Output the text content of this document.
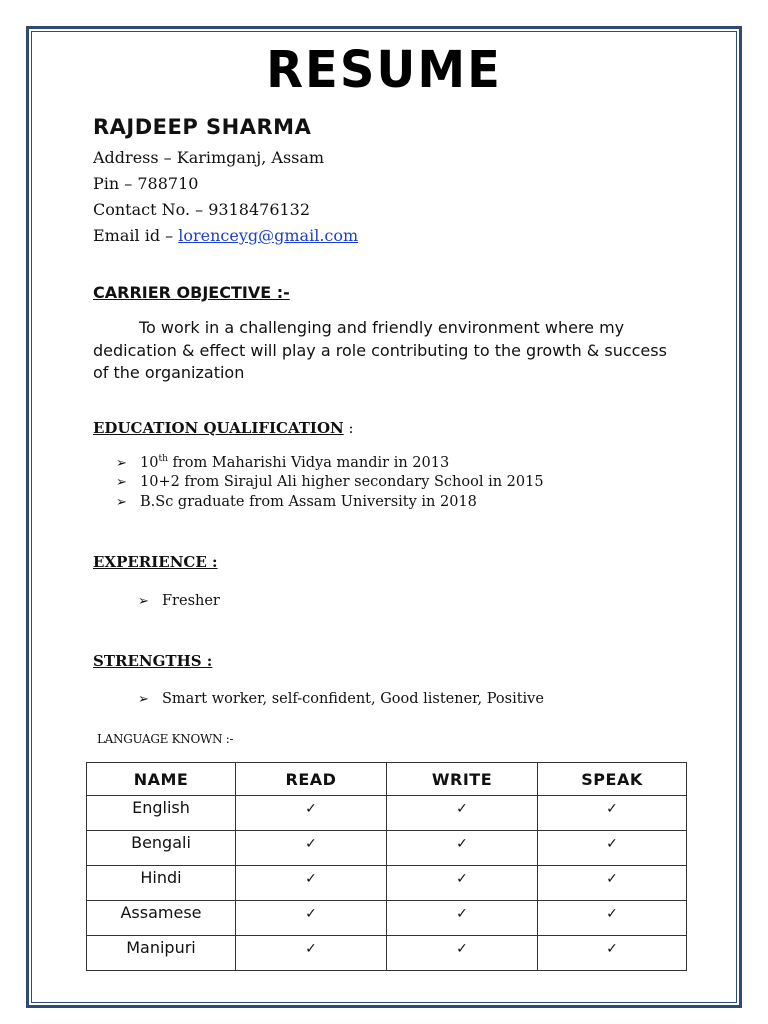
RESUME
RAJDEEP SHARMA
Address – Karimganj, Assam
Pin – 788710
Contact No. – 9318476132
Email id – lorenceyg@gmail.com
CARRIER OBJECTIVE :-
To work in a challenging and friendly environment where my dedication & effect will play a role contributing to the growth & success of the organization
EDUCATION QUALIFICATION :
➢ 10th from Maharishi Vidya mandir in 2013
➢ 10+2 from Sirajul Ali higher secondary School in 2015
➢ B.Sc graduate from Assam University in 2018
EXPERIENCE :
➢ Fresher
STRENGTHS :
➢ Smart worker, self-confident, Good listener, Positive
LANGUAGE KNOWN :-
NAME	READ	WRITE	SPEAK
English	✓	✓	✓
Bengali	✓	✓	✓
Hindi	✓	✓	✓
Assamese	✓	✓	✓
Manipuri	✓	✓	✓
